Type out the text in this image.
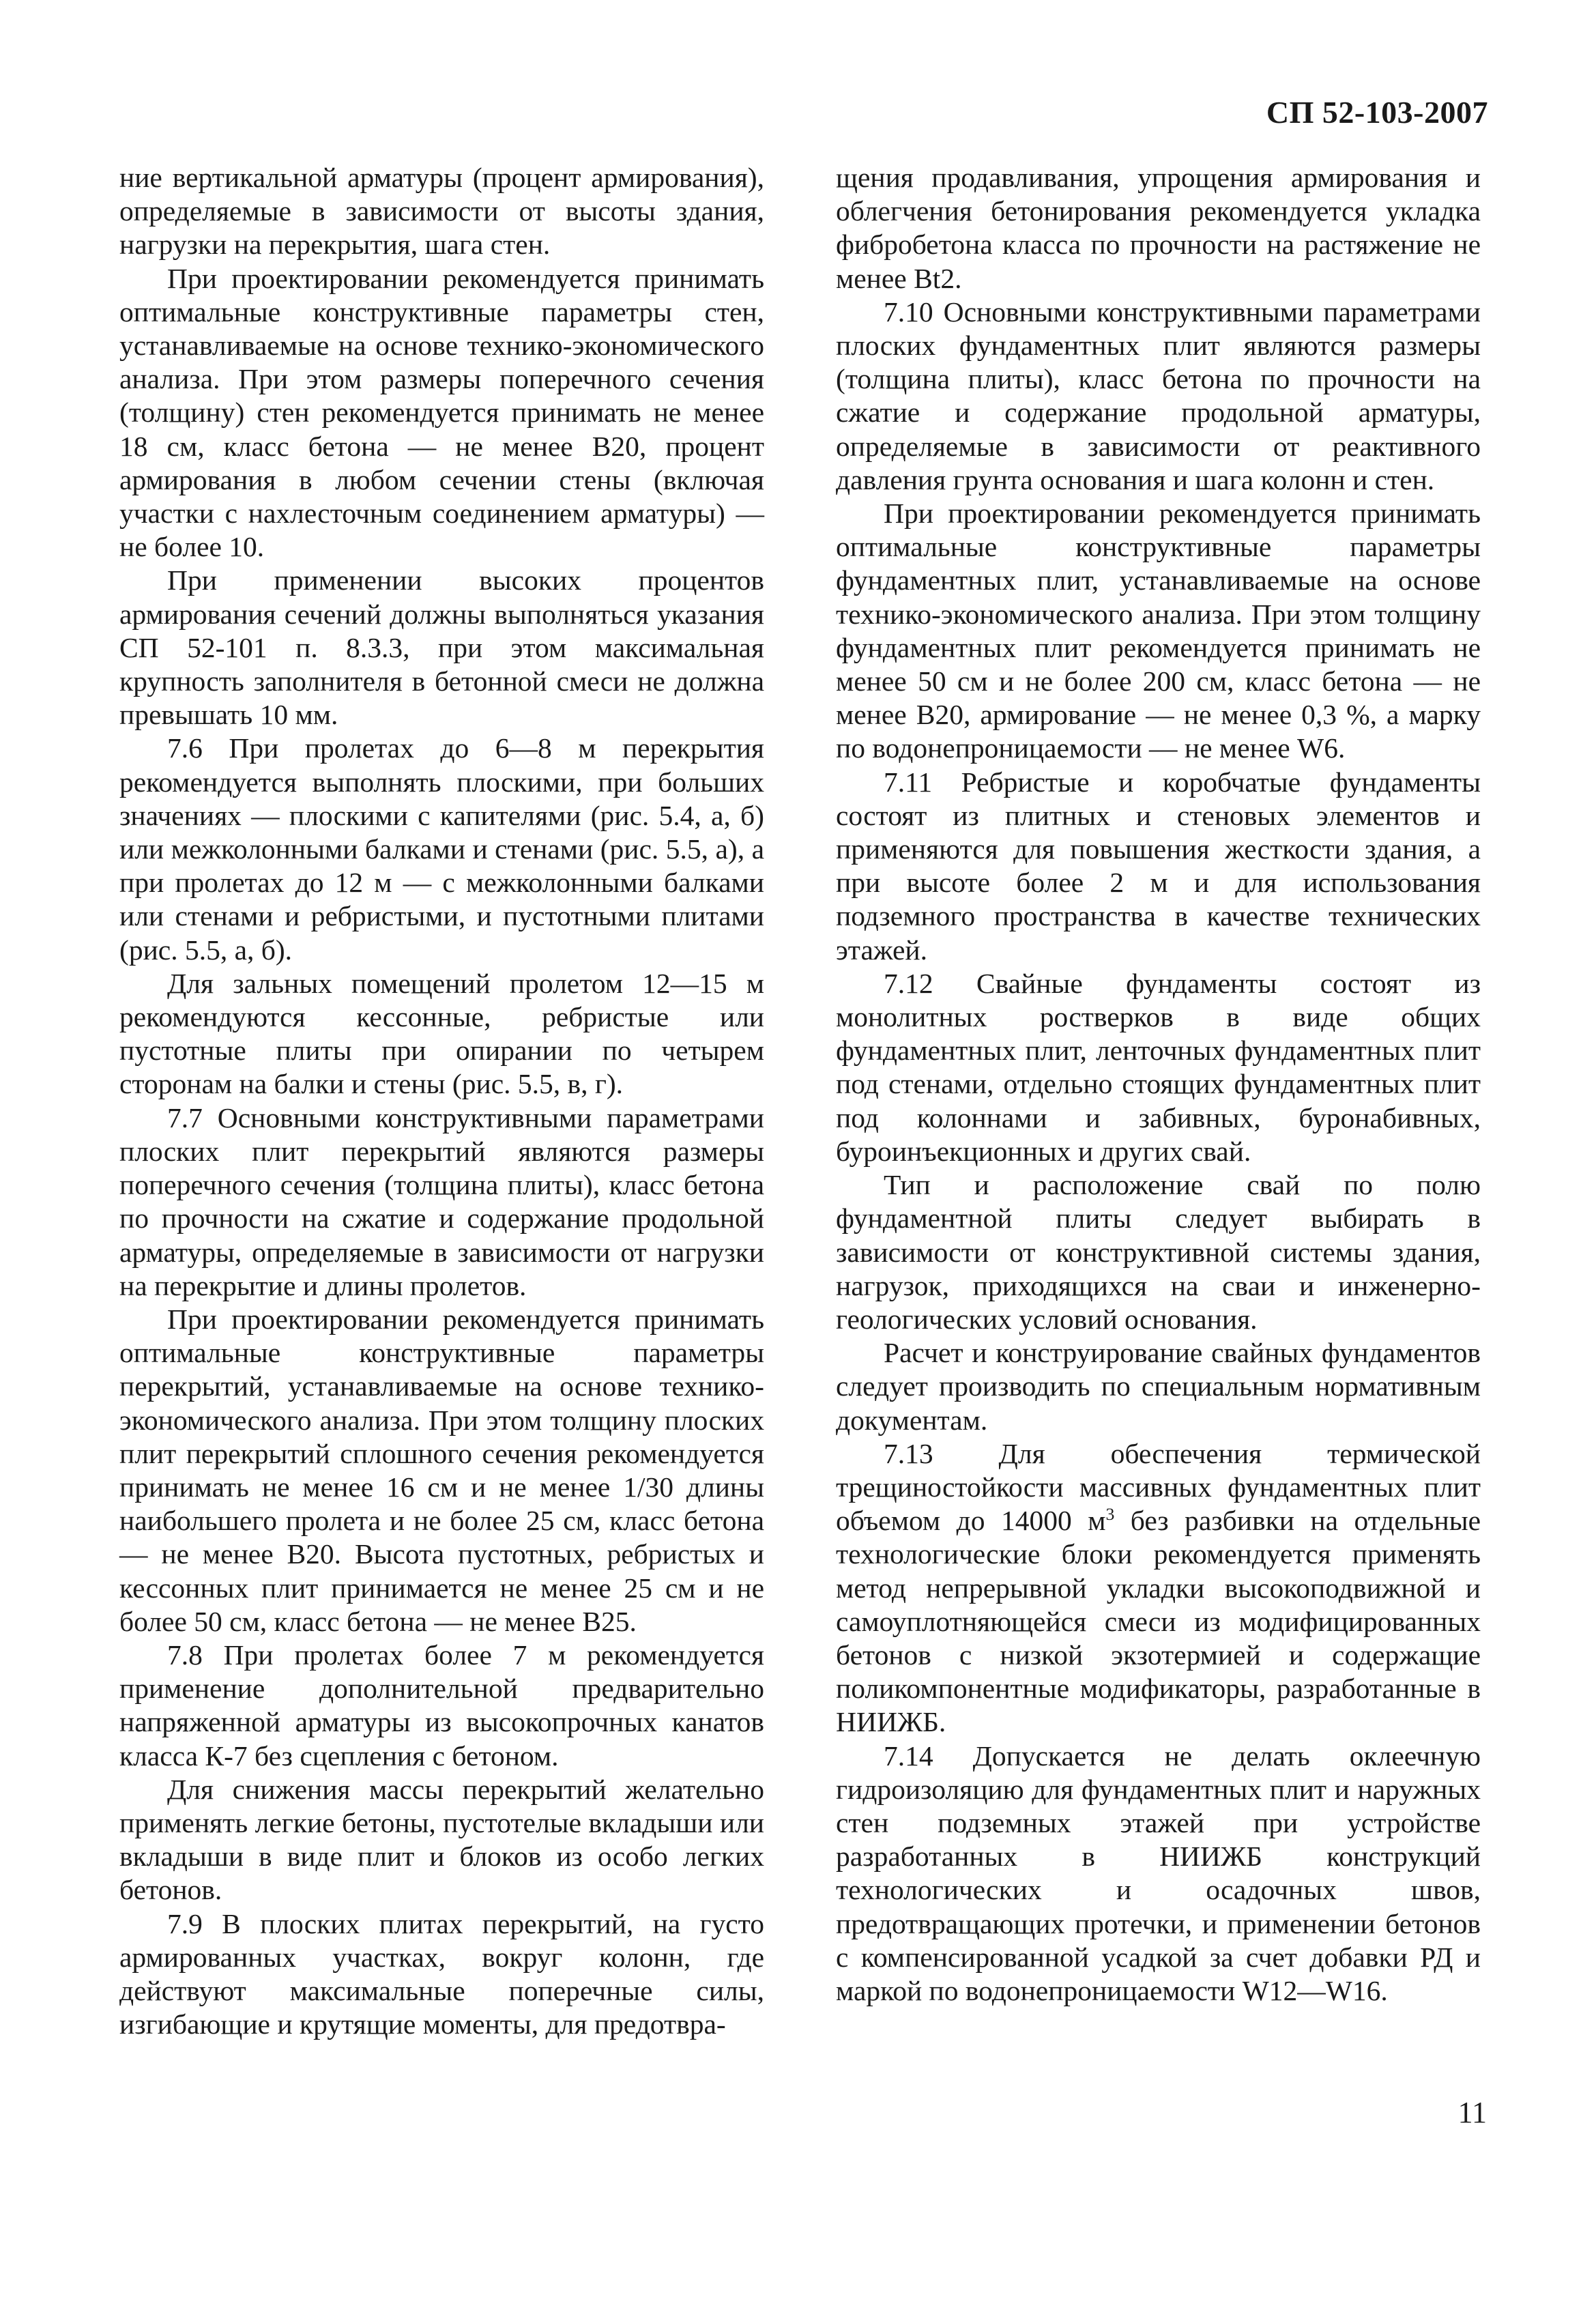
СП 52-103-2007

ние вертикальной арматуры (процент армирования), определяемые в зависимости от высоты здания, нагрузки на перекрытия, шага стен.

При проектировании рекомендуется принимать оптимальные конструктивные параметры стен, устанавливаемые на основе технико-экономического анализа. При этом размеры поперечного сечения (толщину) стен рекомендуется принимать не менее 18 см, класс бетона — не менее В20, процент армирования в любом сечении стены (включая участки с нахлесточным соединением арматуры) — не более 10.

При применении высоких процентов армирования сечений должны выполняться указания СП 52-101 п. 8.3.3, при этом максимальная крупность заполнителя в бетонной смеси не должна превышать 10 мм.

7.6 При пролетах до 6—8 м перекрытия рекомендуется выполнять плоскими, при больших значениях — плоскими с капителями (рис. 5.4, а, б) или межколонными балками и стенами (рис. 5.5, а), а при пролетах до 12 м — с межколонными балками или стенами и ребристыми, и пустотными плитами (рис. 5.5, а, б).

Для зальных помещений пролетом 12—15 м рекомендуются кессонные, ребристые или пустотные плиты при опирании по четырем сторонам на балки и стены (рис. 5.5, в, г).

7.7 Основными конструктивными параметрами плоских плит перекрытий являются размеры поперечного сечения (толщина плиты), класс бетона по прочности на сжатие и содержание продольной арматуры, определяемые в зависимости от нагрузки на перекрытие и длины пролетов.

При проектировании рекомендуется принимать оптимальные конструктивные параметры перекрытий, устанавливаемые на основе технико-экономического анализа. При этом толщину плоских плит перекрытий сплошного сечения рекомендуется принимать не менее 16 см и не менее 1/30 длины наибольшего пролета и не более 25 см, класс бетона — не менее В20. Высота пустотных, ребристых и кессонных плит принимается не менее 25 см и не более 50 см, класс бетона — не менее В25.

7.8 При пролетах более 7 м рекомендуется применение дополнительной предварительно напряженной арматуры из высокопрочных канатов класса К-7 без сцепления с бетоном.

Для снижения массы перекрытий желательно применять легкие бетоны, пустотелые вкладыши или вкладыши в виде плит и блоков из особо легких бетонов.

7.9 В плоских плитах перекрытий, на густо армированных участках, вокруг колонн, где действуют максимальные поперечные силы, изгибающие и крутящие моменты, для предотвра-

щения продавливания, упрощения армирования и облегчения бетонирования рекомендуется укладка фибробетона класса по прочности на растяжение не менее Bt2.

7.10 Основными конструктивными параметрами плоских фундаментных плит являются размеры (толщина плиты), класс бетона по прочности на сжатие и содержание продольной арматуры, определяемые в зависимости от реактивного давления грунта основания и шага колонн и стен.

При проектировании рекомендуется принимать оптимальные конструктивные параметры фундаментных плит, устанавливаемые на основе технико-экономического анализа. При этом толщину фундаментных плит рекомендуется принимать не менее 50 см и не более 200 см, класс бетона — не менее В20, армирование — не менее 0,3 %, а марку по водонепроницаемости — не менее W6.

7.11 Ребристые и коробчатые фундаменты состоят из плитных и стеновых элементов и применяются для повышения жесткости здания, а при высоте более 2 м и для использования подземного пространства в качестве технических этажей.

7.12 Свайные фундаменты состоят из монолитных ростверков в виде общих фундаментных плит, ленточных фундаментных плит под стенами, отдельно стоящих фундаментных плит под колоннами и забивных, буронабивных, буроинъекционных и других свай.

Тип и расположение свай по полю фундаментной плиты следует выбирать в зависимости от конструктивной системы здания, нагрузок, приходящихся на сваи и инженерно-геологических условий основания.

Расчет и конструирование свайных фундаментов следует производить по специальным нормативным документам.

7.13 Для обеспечения термической трещиностойкости массивных фундаментных плит объемом до 14000 $м^3$ без разбивки на отдельные технологические блоки рекомендуется применять метод непрерывной укладки высокоподвижной и самоуплотняющейся смеси из модифицированных бетонов с низкой экзотермией и содержащие поликомпонентные модификаторы, разработанные в НИИЖБ.

7.14 Допускается не делать оклеечную гидроизоляцию для фундаментных плит и наружных стен подземных этажей при устройстве разработанных в НИИЖБ конструкций технологических и осадочных швов, предотвращающих протечки, и применении бетонов с компенсированной усадкой за счет добавки РД и маркой по водонепроницаемости W12—W16.

11
